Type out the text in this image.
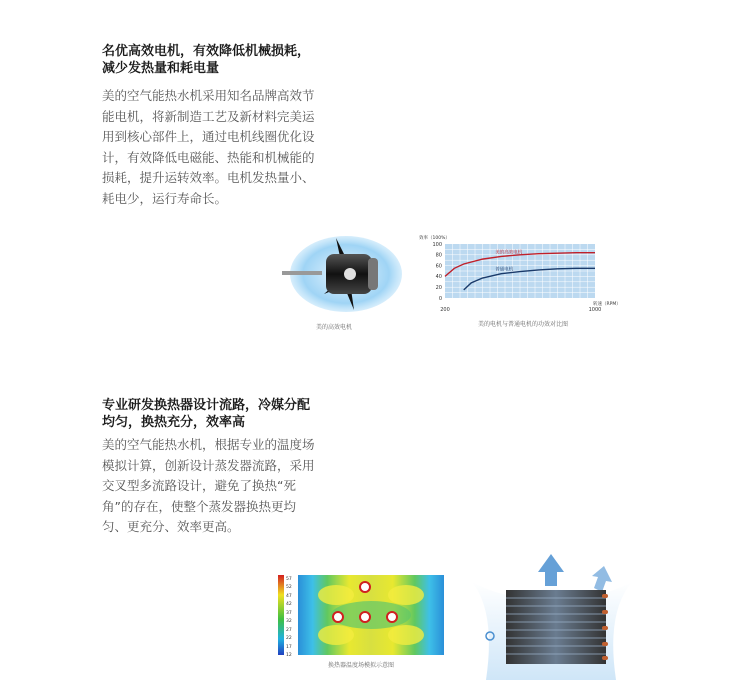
名优高效电机，有效降低机械损耗，减少发热量和耗电量
美的空气能热水机采用知名品牌高效节能电机，将新制造工艺及新材料完美运用到核心部件上，通过电机线圈优化设计，有效降低电磁能、热能和机械能的损耗，提升运转效率。电机发热量小、耗电少，运行寿命长。
美的高效电机
美的高效电机
普通电机
100
80
60
40
20
0
200	1000
效率（100%）
转速（RPM）
美的电机与普通电机的功效对比图
专业研发换热器设计流路，冷媒分配均匀，换热充分，效率高
美的空气能热水机，根据专业的温度场模拟计算，创新设计蒸发器流路，采用交叉型多流路设计，避免了换热“死角”的存在，使整个蒸发器换热更均匀、更充分、效率更高。
57
52
47
42
37
32
27
22
17
12
换热器温度场模拟示意图
